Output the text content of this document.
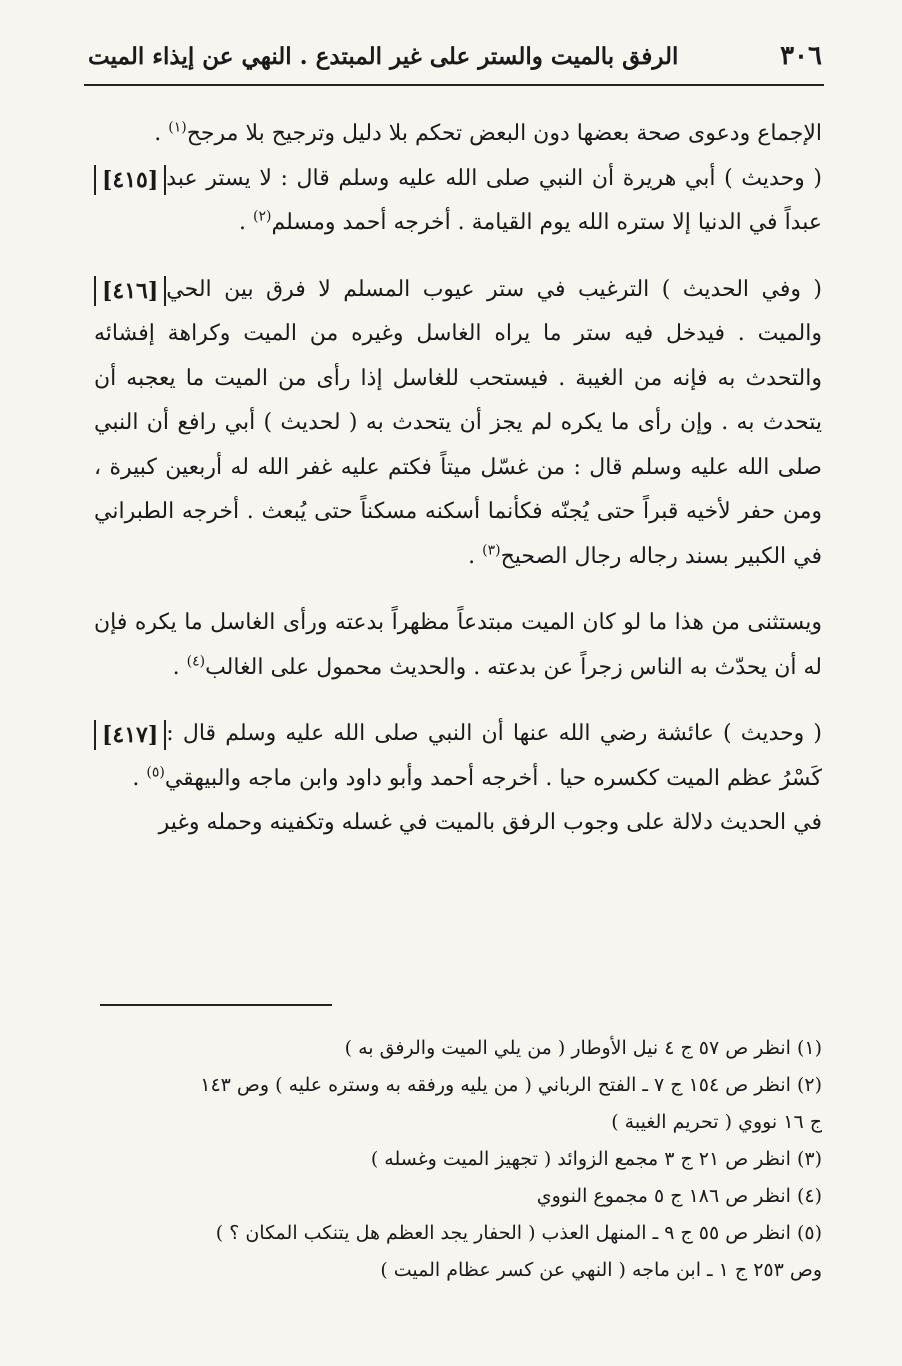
٣٠٦
الرفق بالميت والستر على غير المبتدع . النهي عن إيذاء الميت

الإجماع ودعوى صحة بعضها دون البعض تحكم بلا دليل وترجيح بلا مرجح$^{(١)}$ .

[٤١٥] ( وحديث ) أبي هريرة أن النبي صلى الله عليه وسلم قال : لا يستر عبد عبداً في الدنيا إلا ستره الله يوم القيامة . أخرجه أحمد ومسلم$^{(٢)}$ .

[٤١٦] ( وفي الحديث ) الترغيب في ستر عيوب المسلم لا فرق بين الحي والميت . فيدخل فيه ستر ما يراه الغاسل وغيره من الميت وكراهة إفشائه والتحدث به فإنه من الغيبة . فيستحب للغاسل إذا رأى من الميت ما يعجبه أن يتحدث به . وإن رأى ما يكره لم يجز أن يتحدث به ( لحديث ) أبي رافع أن النبي صلى الله عليه وسلم قال : من غسّل ميتاً فكتم عليه غفر الله له أربعين كبيرة ، ومن حفر لأخيه قبراً حتى يُجنّه فكأنما أسكنه مسكناً حتى يُبعث . أخرجه الطبراني في الكبير بسند رجاله رجال الصحيح$^{(٣)}$ .

ويستثنى من هذا ما لو كان الميت مبتدعاً مظهراً بدعته ورأى الغاسل ما يكره فإن له أن يحدّث به الناس زجراً عن بدعته . والحديث محمول على الغالب$^{(٤)}$ .

[٤١٧] ( وحديث ) عائشة رضي الله عنها أن النبي صلى الله عليه وسلم قال : كَسْرُ عظم الميت ككسره حيا . أخرجه أحمد وأبو داود وابن ماجه والبيهقي$^{(٥)}$ .

في الحديث دلالة على وجوب الرفق بالميت في غسله وتكفينه وحمله وغير

(١) انظر ص ٥٧ ج ٤ نيل الأوطار ( من يلي الميت والرفق به )

(٢) انظر ص ١٥٤ ج ٧ ـ الفتح الرباني ( من يليه ورفقه به وستره عليه ) وص ١٤٣

ج ١٦ نووي ( تحريم الغيبة )

(٣) انظر ص ٢١ ج ٣ مجمع الزوائد ( تجهيز الميت وغسله )

(٤) انظر ص ١٨٦ ج ٥ مجموع النووي

(٥) انظر ص ٥٥ ج ٩ ـ المنهل العذب ( الحفار يجد العظم هل يتنكب المكان ؟ )

وص ٢٥٣ ج ١ ـ ابن ماجه ( النهي عن كسر عظام الميت )
